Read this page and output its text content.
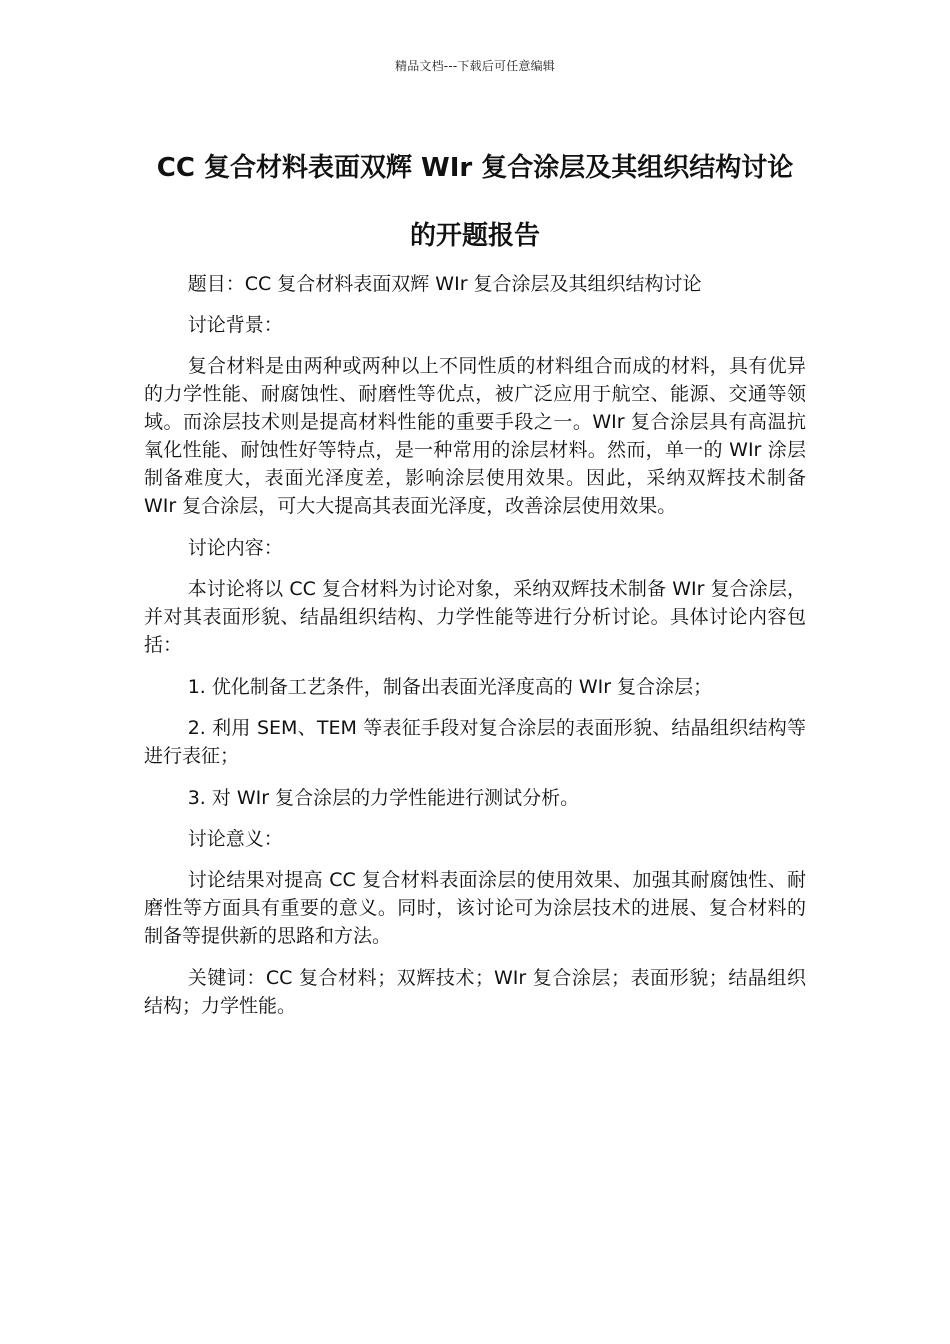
精品文档---下载后可任意编辑
CC 复合材料表面双辉 WIr 复合涂层及其组织结构讨论的开题报告

题目：CC 复合材料表面双辉 WIr 复合涂层及其组织结构讨论

讨论背景：

复合材料是由两种或两种以上不同性质的材料组合而成的材料，具有优异的力学性能、耐腐蚀性、耐磨性等优点，被广泛应用于航空、能源、交通等领域。而涂层技术则是提高材料性能的重要手段之一。WIr 复合涂层具有高温抗氧化性能、耐蚀性好等特点，是一种常用的涂层材料。然而，单一的 WIr 涂层制备难度大，表面光泽度差，影响涂层使用效果。因此，采纳双辉技术制备 WIr 复合涂层，可大大提高其表面光泽度，改善涂层使用效果。

讨论内容：

本讨论将以 CC 复合材料为讨论对象，采纳双辉技术制备 WIr 复合涂层，并对其表面形貌、结晶组织结构、力学性能等进行分析讨论。具体讨论内容包括：

1. 优化制备工艺条件，制备出表面光泽度高的 WIr 复合涂层；

2. 利用 SEM、TEM 等表征手段对复合涂层的表面形貌、结晶组织结构等进行表征；

3. 对 WIr 复合涂层的力学性能进行测试分析。

讨论意义：

讨论结果对提高 CC 复合材料表面涂层的使用效果、加强其耐腐蚀性、耐磨性等方面具有重要的意义。同时，该讨论可为涂层技术的进展、复合材料的制备等提供新的思路和方法。

关键词：CC 复合材料；双辉技术；WIr 复合涂层；表面形貌；结晶组织结构；力学性能。
